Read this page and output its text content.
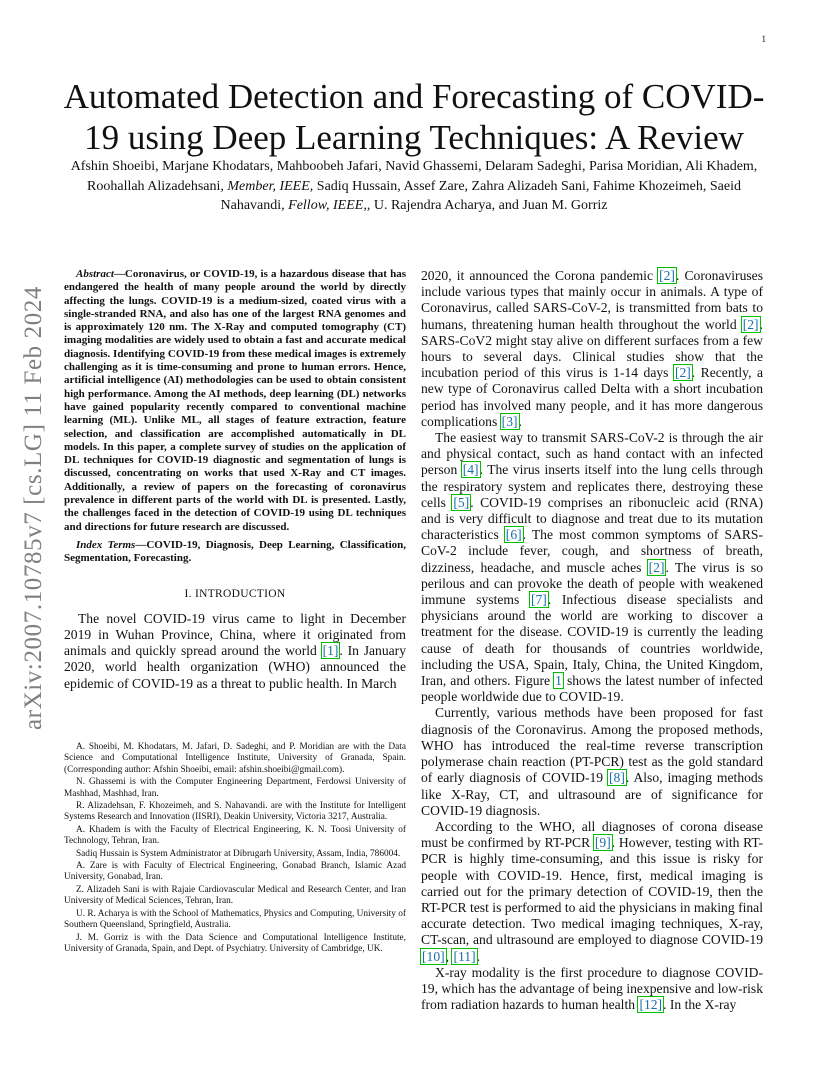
1
arXiv:2007.10785v7 [cs.LG] 11 Feb 2024
Automated Detection and Forecasting of COVID-19 using Deep Learning Techniques: A Review
Afshin Shoeibi, Marjane Khodatars, Mahboobeh Jafari, Navid Ghassemi, Delaram Sadeghi, Parisa Moridian, Ali Khadem, Roohallah Alizadehsani, Member, IEEE, Sadiq Hussain, Assef Zare, Zahra Alizadeh Sani, Fahime Khozeimeh, Saeid Nahavandi, Fellow, IEEE,, U. Rajendra Acharya, and Juan M. Gorriz

Abstract—Coronavirus, or COVID-19, is a hazardous disease that has endangered the health of many people around the world by directly affecting the lungs. COVID-19 is a medium-sized, coated virus with a single-stranded RNA, and also has one of the largest RNA genomes and is approximately 120 nm. The X-Ray and computed tomography (CT) imaging modalities are widely used to obtain a fast and accurate medical diagnosis. Identifying COVID-19 from these medical images is extremely challenging as it is time-consuming and prone to human errors. Hence, artificial intelligence (AI) methodologies can be used to obtain consistent high performance. Among the AI methods, deep learning (DL) networks have gained popularity recently compared to conventional machine learning (ML). Unlike ML, all stages of feature extraction, feature selection, and classification are accomplished automatically in DL models. In this paper, a complete survey of studies on the application of DL techniques for COVID-19 diagnostic and segmentation of lungs is discussed, concentrating on works that used X-Ray and CT images. Additionally, a review of papers on the forecasting of coronavirus prevalence in different parts of the world with DL is presented. Lastly, the challenges faced in the detection of COVID-19 using DL techniques and directions for future research are discussed.

Index Terms—COVID-19, Diagnosis, Deep Learning, Classification, Segmentation, Forecasting.

I. INTRODUCTION

The novel COVID-19 virus came to light in December 2019 in Wuhan Province, China, where it originated from animals and quickly spread around the world [1]. In January 2020, world health organization (WHO) announced the epidemic of COVID-19 as a threat to public health. In March

A. Shoeibi, M. Khodatars, M. Jafari, D. Sadeghi, and P. Moridian are with the Data Science and Computational Intelligence Institute, University of Granada, Spain. (Corresponding author: Afshin Shoeibi, email: afshin.shoeibi@gmail.com).

N. Ghassemi is with the Computer Engineering Department, Ferdowsi University of Mashhad, Mashhad, Iran.

R. Alizadehsan, F. Khozeimeh, and S. Nahavandi. are with the Institute for Intelligent Systems Research and Innovation (IISRI), Deakin University, Victoria 3217, Australia.

A. Khadem is with the Faculty of Electrical Engineering, K. N. Toosi University of Technology, Tehran, Iran.

Sadiq Hussain is System Administrator at Dibrugarh University, Assam, India, 786004.

A. Zare is with Faculty of Electrical Engineering, Gonabad Branch, Islamic Azad University, Gonabad, Iran.

Z. Alizadeh Sani is with Rajaie Cardiovascular Medical and Research Center, and Iran University of Medical Sciences, Tehran, Iran.

U. R. Acharya is with the School of Mathematics, Physics and Computing, University of Southern Queensland, Springfield, Australia.

J. M. Gorriz is with the Data Science and Computational Intelligence Institute, University of Granada, Spain, and Dept. of Psychiatry. University of Cambridge, UK.

2020, it announced the Corona pandemic [2]. Coronaviruses include various types that mainly occur in animals. A type of Coronavirus, called SARS-CoV-2, is transmitted from bats to humans, threatening human health throughout the world [2]. SARS-CoV2 might stay alive on different surfaces from a few hours to several days. Clinical studies show that the incubation period of this virus is 1-14 days [2]. Recently, a new type of Coronavirus called Delta with a short incubation period has involved many people, and it has more dangerous complications [3].

The easiest way to transmit SARS-CoV-2 is through the air and physical contact, such as hand contact with an infected person [4]. The virus inserts itself into the lung cells through the respiratory system and replicates there, destroying these cells [5]. COVID-19 comprises an ribonucleic acid (RNA) and is very difficult to diagnose and treat due to its mutation characteristics [6]. The most common symptoms of SARS-CoV-2 include fever, cough, and shortness of breath, dizziness, headache, and muscle aches [2]. The virus is so perilous and can provoke the death of people with weakened immune systems [7]. Infectious disease specialists and physicians around the world are working to discover a treatment for the disease. COVID-19 is currently the leading cause of death for thousands of countries worldwide, including the USA, Spain, Italy, China, the United Kingdom, Iran, and others. Figure 1 shows the latest number of infected people worldwide due to COVID-19.

Currently, various methods have been proposed for fast diagnosis of the Coronavirus. Among the proposed methods, WHO has introduced the real-time reverse transcription polymerase chain reaction (PT-PCR) test as the gold standard of early diagnosis of COVID-19 [8]. Also, imaging methods like X-Ray, CT, and ultrasound are of significance for COVID-19 diagnosis.

According to the WHO, all diagnoses of corona disease must be confirmed by RT-PCR [9]. However, testing with RT-PCR is highly time-consuming, and this issue is risky for people with COVID-19. Hence, first, medical imaging is carried out for the primary detection of COVID-19, then the RT-PCR test is performed to aid the physicians in making final accurate detection. Two medical imaging techniques, X-ray, CT-scan, and ultrasound are employed to diagnose COVID-19 [10], [11].

X-ray modality is the first procedure to diagnose COVID-19, which has the advantage of being inexpensive and low-risk from radiation hazards to human health [12]. In the X-ray
